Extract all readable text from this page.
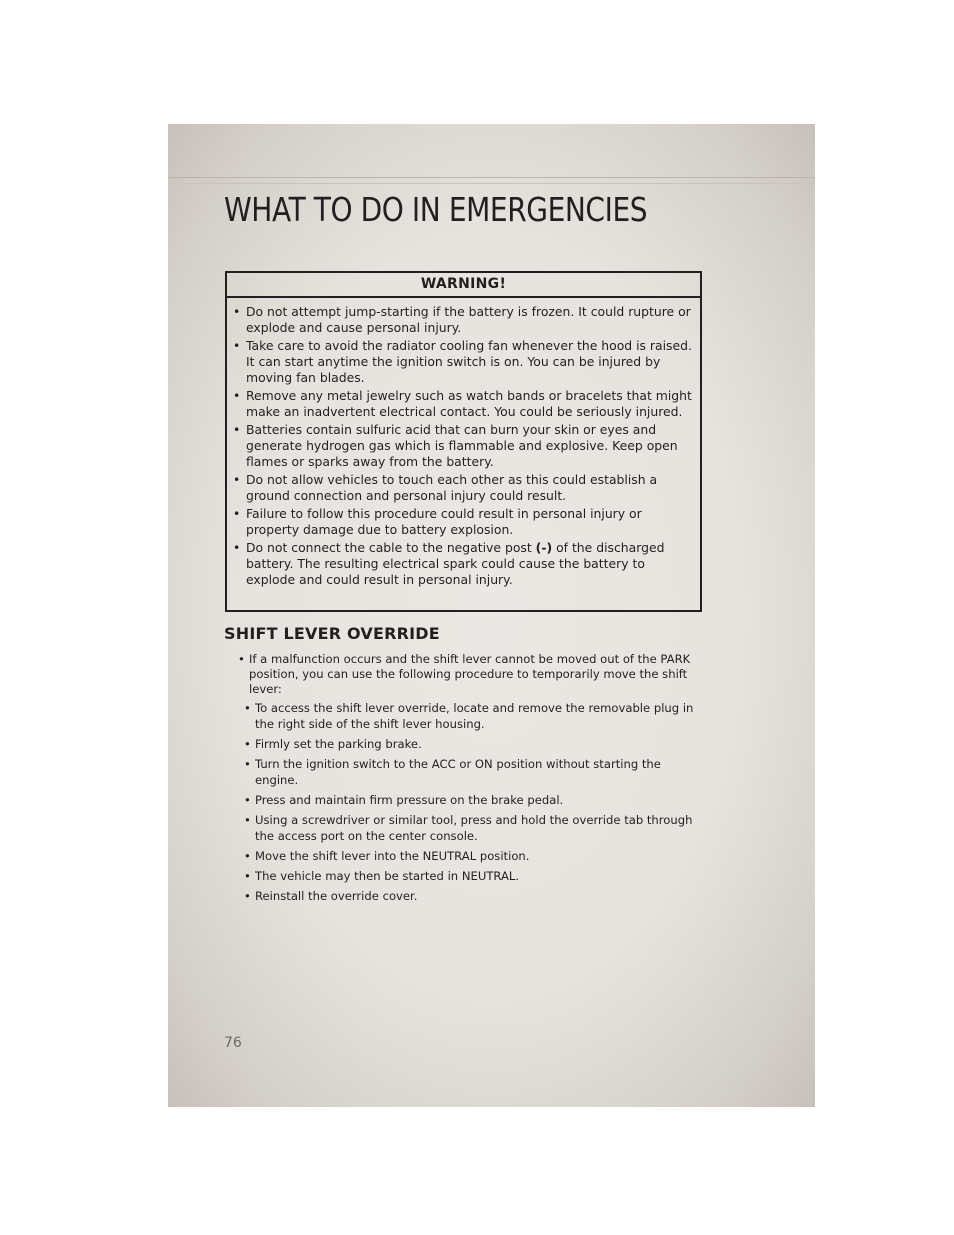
WHAT TO DO IN EMERGENCIES
WARNING!
• Do not attempt jump-starting if the battery is frozen. It could rupture or explode and cause personal injury.
• Take care to avoid the radiator cooling fan whenever the hood is raised. It can start anytime the ignition switch is on. You can be injured by moving fan blades.
• Remove any metal jewelry such as watch bands or bracelets that might make an inadvertent electrical contact. You could be seriously injured.
• Batteries contain sulfuric acid that can burn your skin or eyes and generate hydrogen gas which is flammable and explosive. Keep open flames or sparks away from the battery.
• Do not allow vehicles to touch each other as this could establish a ground connection and personal injury could result.
• Failure to follow this procedure could result in personal injury or property damage due to battery explosion.
• Do not connect the cable to the negative post (-) of the discharged battery. The resulting electrical spark could cause the battery to explode and could result in personal injury.
SHIFT LEVER OVERRIDE
• If a malfunction occurs and the shift lever cannot be moved out of the PARK position, you can use the following procedure to temporarily move the shift lever:
• To access the shift lever override, locate and remove the removable plug in the right side of the shift lever housing.
• Firmly set the parking brake.
• Turn the ignition switch to the ACC or ON position without starting the engine.
• Press and maintain firm pressure on the brake pedal.
• Using a screwdriver or similar tool, press and hold the override tab through the access port on the center console.
• Move the shift lever into the NEUTRAL position.
• The vehicle may then be started in NEUTRAL.
• Reinstall the override cover.
76
